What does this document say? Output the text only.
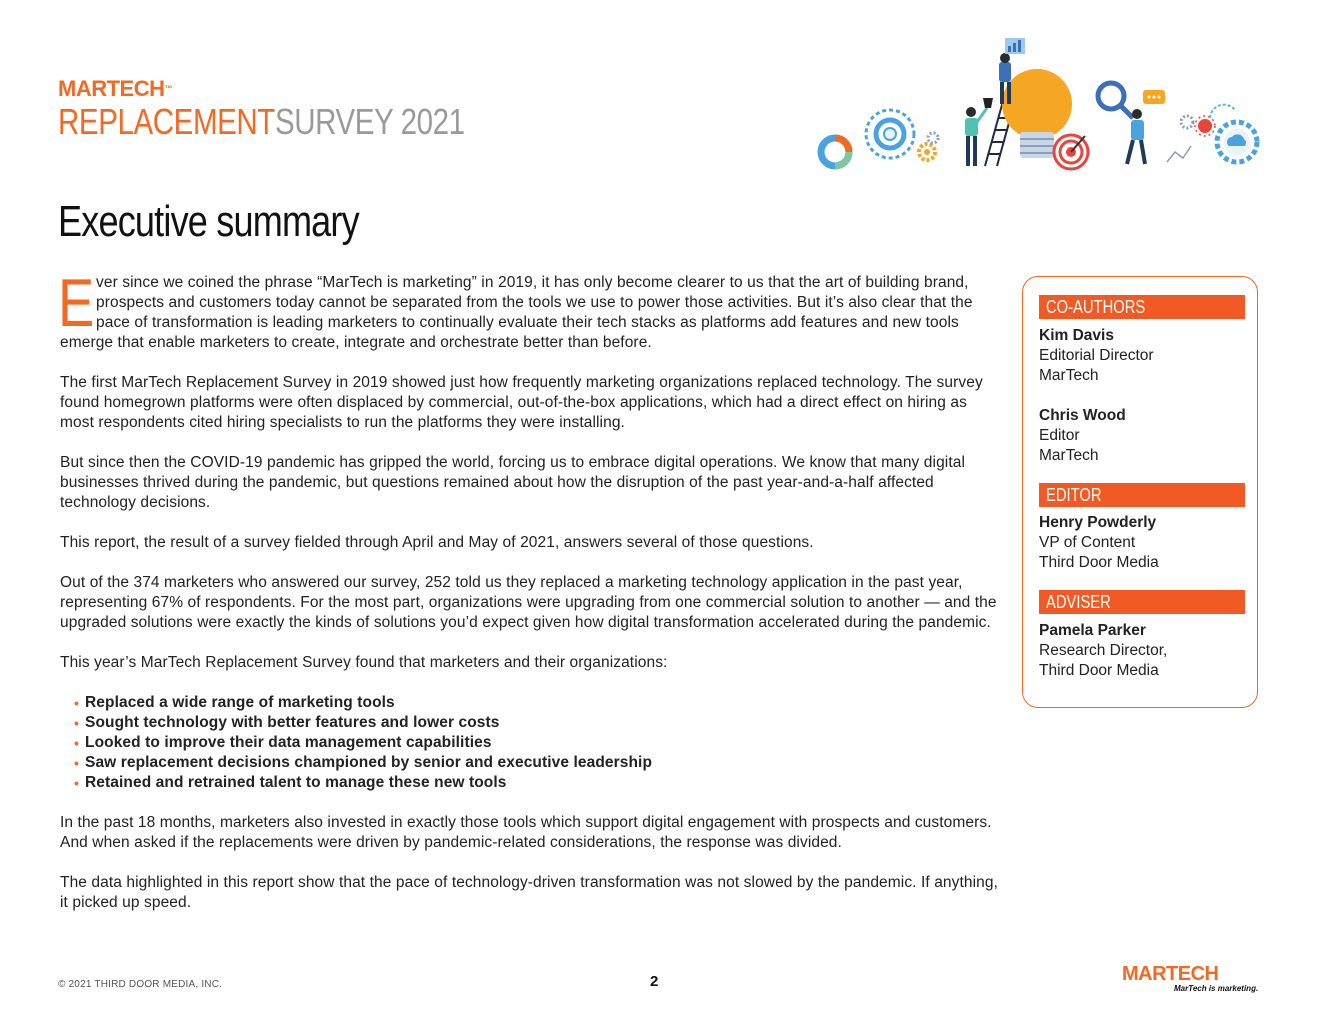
MARTECH™
REPLACEMENTSURVEY 2021
Executive summary

Ever since we coined the phrase “MarTech is marketing” in 2019, it has only become clearer to us that the art of building brand, prospects and customers today cannot be separated from the tools we use to power those activities. But it’s also clear that the pace of transformation is leading marketers to continually evaluate their tech stacks as platforms add features and new tools emerge that enable marketers to create, integrate and orchestrate better than before.

The first MarTech Replacement Survey in 2019 showed just how frequently marketing organizations replaced technology. The survey found homegrown platforms were often displaced by commercial, out-of-the-box applications, which had a direct effect on hiring as most respondents cited hiring specialists to run the platforms they were installing.

But since then the COVID-19 pandemic has gripped the world, forcing us to embrace digital operations. We know that many digital businesses thrived during the pandemic, but questions remained about how the disruption of the past year-and-a-half affected technology decisions.

This report, the result of a survey fielded through April and May of 2021, answers several of those questions.

Out of the 374 marketers who answered our survey, 252 told us they replaced a marketing technology application in the past year, representing 67% of respondents. For the most part, organizations were upgrading from one commercial solution to another — and the upgraded solutions were exactly the kinds of solutions you’d expect given how digital transformation accelerated during the pandemic.

This year’s MarTech Replacement Survey found that marketers and their organizations:

• Replaced a wide range of marketing tools
• Sought technology with better features and lower costs
• Looked to improve their data management capabilities
• Saw replacement decisions championed by senior and executive leadership
• Retained and retrained talent to manage these new tools

In the past 18 months, marketers also invested in exactly those tools which support digital engagement with prospects and customers. And when asked if the replacements were driven by pandemic-related considerations, the response was divided.

The data highlighted in this report show that the pace of technology-driven transformation was not slowed by the pandemic. If anything, it picked up speed.

CO-AUTHORS
Kim Davis
Editorial Director
MarTech
Chris Wood
Editor
MarTech
EDITOR
Henry Powderly
VP of Content
Third Door Media
ADVISER
Pamela Parker
Research Director,
Third Door Media
© 2021 THIRD DOOR MEDIA, INC.	2	MARTECH
MarTech is marketing.
